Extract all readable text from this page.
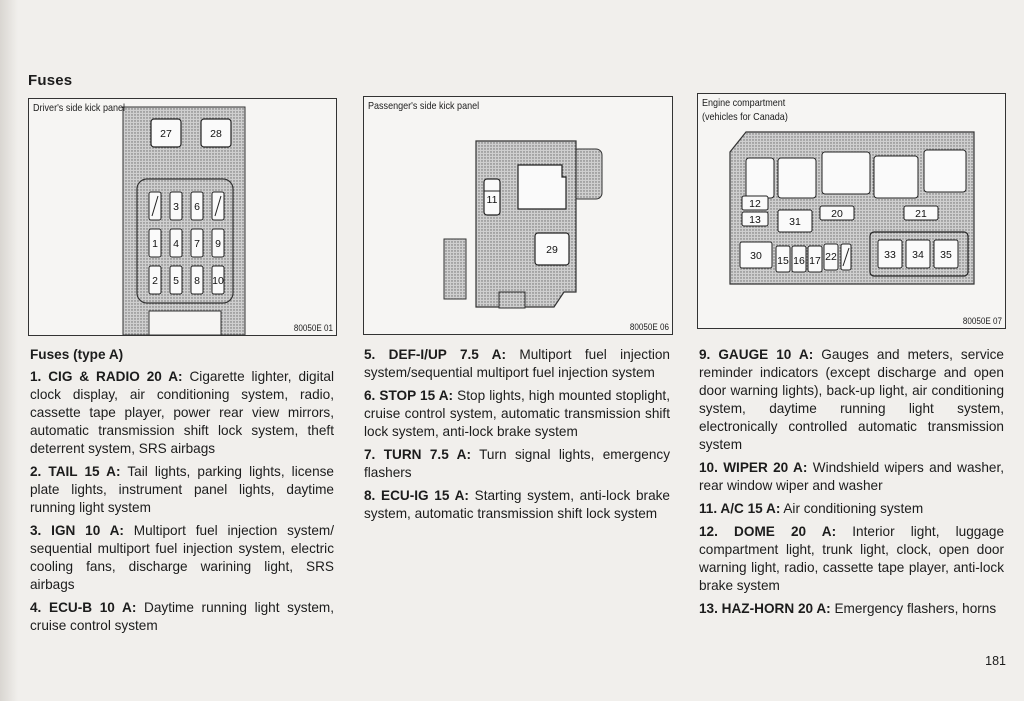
Fuses
27	28
3 6
1 4 7 9
2 5 8 10
Driver's side kick panel
80050E 01
11
29
Passenger's side kick panel
80050E 06
12
13	31
20	21
30 15 16 17 22	33 34 35
Engine compartment
(vehicles for Canada)
80050E 07

Fuses (type A)

1. CIG & RADIO 20 A: Cigarette lighter, digital clock display, air conditioning system, radio, cassette tape player, power rear view mirrors, automatic transmission shift lock system, theft deterrent system, SRS airbags

2. TAIL 15 A: Tail lights, parking lights, license plate lights, instrument panel lights, daytime running light system

3. IGN 10 A: Multiport fuel injection system/ sequential multiport fuel injection system, electric cooling fans, discharge warining light, SRS airbags

4. ECU-B 10 A: Daytime running light system, cruise control system

5. DEF-I/UP 7.5 A: Multiport fuel injection system/sequential multiport fuel injection system

6. STOP 15 A: Stop lights, high mounted stoplight, cruise control system, automatic transmission shift lock system, anti-lock brake system

7. TURN 7.5 A: Turn signal lights, emergency flashers

8. ECU-IG 15 A: Starting system, anti-lock brake system, automatic transmission shift lock system

9. GAUGE 10 A: Gauges and meters, service reminder indicators (except discharge and open door warning lights), back-up light, air conditioning system, daytime running light system, electronically controlled automatic transmission system

10. WIPER 20 A: Windshield wipers and washer, rear window wiper and washer

11. A/C 15 A: Air conditioning system

12. DOME 20 A: Interior light, luggage compartment light, trunk light, clock, open door warning light, radio, cassette tape player, anti-lock brake system

13. HAZ-HORN 20 A: Emergency flashers, horns

181
